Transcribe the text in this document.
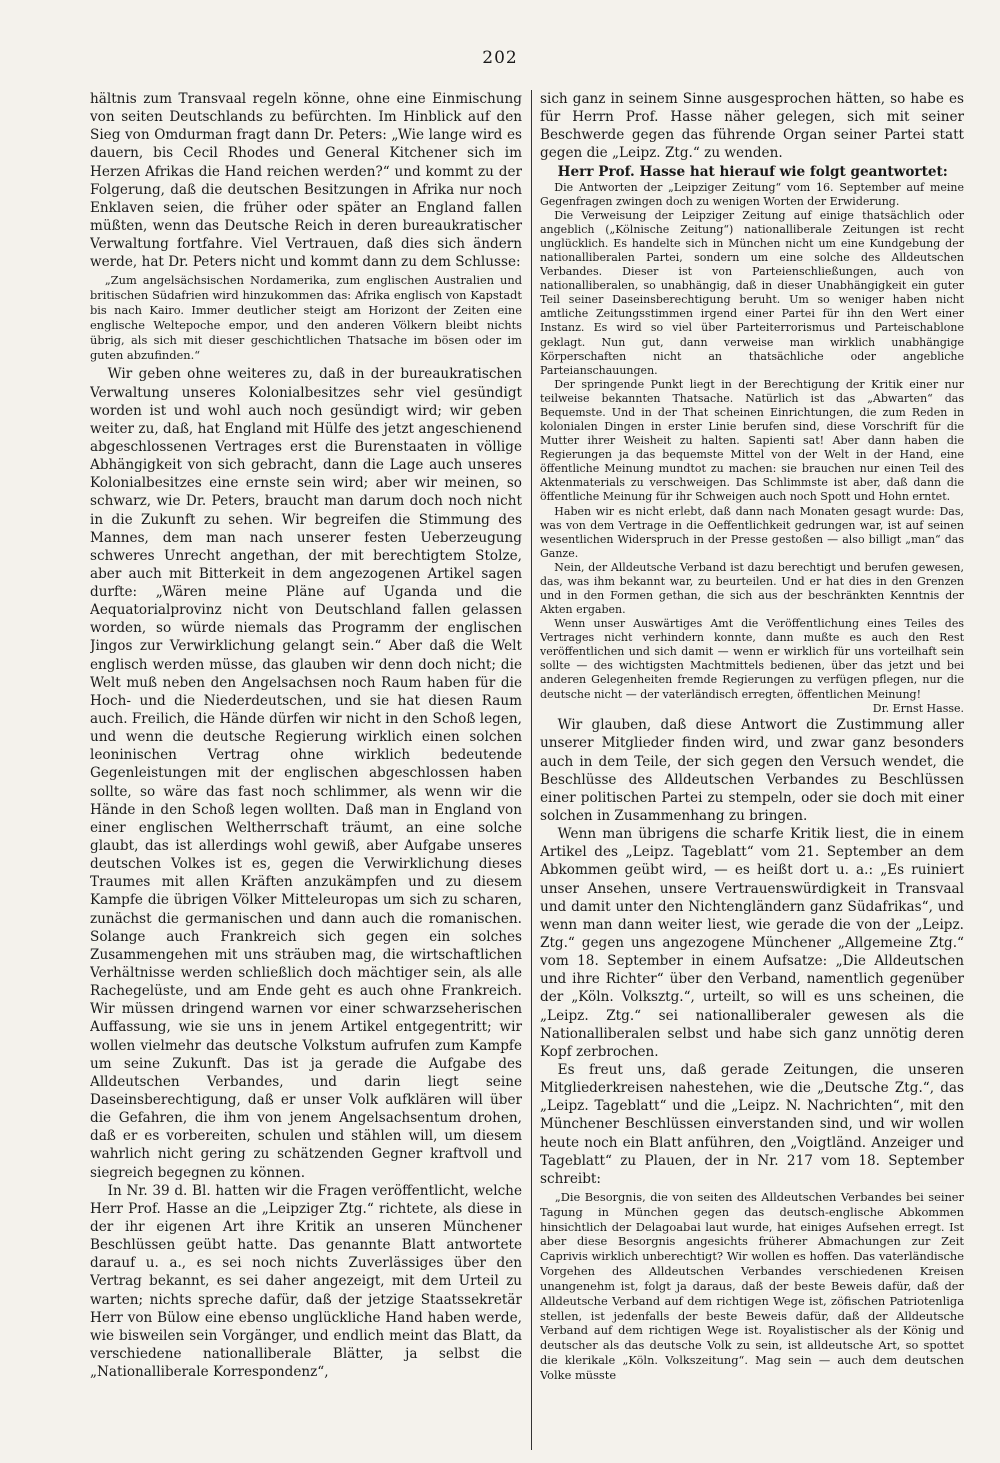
202

hältnis zum Transvaal regeln könne, ohne eine Einmischung von seiten Deutschlands zu befürchten. Im Hinblick auf den Sieg von Omdurman fragt dann Dr. Peters: „Wie lange wird es dauern, bis Cecil Rhodes und General Kitchener sich im Herzen Afrikas die Hand reichen werden?“ und kommt zu der Folgerung, daß die deutschen Besitzungen in Afrika nur noch Enklaven seien, die früher oder später an England fallen müßten, wenn das Deutsche Reich in deren bureaukratischer Verwaltung fortfahre. Viel Vertrauen, daß dies sich ändern werde, hat Dr. Peters nicht und kommt dann zu dem Schlusse:

„Zum angelsächsischen Nordamerika, zum englischen Australien und britischen Südafrien wird hinzukommen das: Afrika englisch von Kapstadt bis nach Kairo. Immer deutlicher steigt am Horizont der Zeiten eine englische Weltepoche empor, und den anderen Völkern bleibt nichts übrig, als sich mit dieser geschichtlichen Thatsache im bösen oder im guten abzufinden.“

Wir geben ohne weiteres zu, daß in der bureaukratischen Verwaltung unseres Kolonialbesitzes sehr viel gesündigt worden ist und wohl auch noch gesündigt wird; wir geben weiter zu, daß, hat England mit Hülfe des jetzt angeschienend abgeschlossenen Vertrages erst die Burenstaaten in völlige Abhängigkeit von sich gebracht, dann die Lage auch unseres Kolonialbesitzes eine ernste sein wird; aber wir meinen, so schwarz, wie Dr. Peters, braucht man darum doch noch nicht in die Zukunft zu sehen. Wir begreifen die Stimmung des Mannes, dem man nach unserer festen Ueberzeugung schweres Unrecht angethan, der mit berechtigtem Stolze, aber auch mit Bitterkeit in dem angezogenen Artikel sagen durfte: „Wären meine Pläne auf Uganda und die Aequatorialprovinz nicht von Deutschland fallen gelassen worden, so würde niemals das Programm der englischen Jingos zur Verwirklichung gelangt sein.“ Aber daß die Welt englisch werden müsse, das glauben wir denn doch nicht; die Welt muß neben den Angelsachsen noch Raum haben für die Hoch- und die Niederdeutschen, und sie hat diesen Raum auch. Freilich, die Hände dürfen wir nicht in den Schoß legen, und wenn die deutsche Regierung wirklich einen solchen leoninischen Vertrag ohne wirklich bedeutende Gegenleistungen mit der englischen abgeschlossen haben sollte, so wäre das fast noch schlimmer, als wenn wir die Hände in den Schoß legen wollten. Daß man in England von einer englischen Weltherrschaft träumt, an eine solche glaubt, das ist allerdings wohl gewiß, aber Aufgabe unseres deutschen Volkes ist es, gegen die Verwirklichung dieses Traumes mit allen Kräften anzukämpfen und zu diesem Kampfe die übrigen Völker Mitteleuropas um sich zu scharen, zunächst die germanischen und dann auch die romanischen. Solange auch Frankreich sich gegen ein solches Zusammengehen mit uns sträuben mag, die wirtschaftlichen Verhältnisse werden schließlich doch mächtiger sein, als alle Rachegelüste, und am Ende geht es auch ohne Frankreich. Wir müssen dringend warnen vor einer schwarzseherischen Auffassung, wie sie uns in jenem Artikel entgegentritt; wir wollen vielmehr das deutsche Volkstum aufrufen zum Kampfe um seine Zukunft. Das ist ja gerade die Aufgabe des Alldeutschen Verbandes, und darin liegt seine Daseinsberechtigung, daß er unser Volk aufklären will über die Gefahren, die ihm von jenem Angelsachsentum drohen, daß er es vorbereiten, schulen und stählen will, um diesem wahrlich nicht gering zu schätzenden Gegner kraftvoll und siegreich begegnen zu können.

In Nr. 39 d. Bl. hatten wir die Fragen veröffentlicht, welche Herr Prof. Hasse an die „Leipziger Ztg.“ richtete, als diese in der ihr eigenen Art ihre Kritik an unseren Münchener Beschlüssen geübt hatte. Das genannte Blatt antwortete darauf u. a., es sei noch nichts Zuverlässiges über den Vertrag bekannt, es sei daher angezeigt, mit dem Urteil zu warten; nichts spreche dafür, daß der jetzige Staatssekretär Herr von Bülow eine ebenso unglückliche Hand haben werde, wie bisweilen sein Vorgänger, und endlich meint das Blatt, da verschiedene nationalliberale Blätter, ja selbst die „Nationalliberale Korrespondenz“,

sich ganz in seinem Sinne ausgesprochen hätten, so habe es für Herrn Prof. Hasse näher gelegen, sich mit seiner Beschwerde gegen das führende Organ seiner Partei statt gegen die „Leipz. Ztg.“ zu wenden.

Herr Prof. Hasse hat hierauf wie folgt geantwortet:

Die Antworten der „Leipziger Zeitung“ vom 16. September auf meine Gegenfragen zwingen doch zu wenigen Worten der Erwiderung.

Die Verweisung der Leipziger Zeitung auf einige thatsächlich oder angeblich („Kölnische Zeitung“) nationalliberale Zeitungen ist recht unglücklich. Es handelte sich in München nicht um eine Kundgebung der nationalliberalen Partei, sondern um eine solche des Alldeutschen Verbandes. Dieser ist von Parteienschließungen, auch von nationalliberalen, so unabhängig, daß in dieser Unabhängigkeit ein guter Teil seiner Daseinsberechtigung beruht. Um so weniger haben nicht amtliche Zeitungsstimmen irgend einer Partei für ihn den Wert einer Instanz. Es wird so viel über Parteiterrorismus und Parteischablone geklagt. Nun gut, dann verweise man wirklich unabhängige Körperschaften nicht an thatsächliche oder angebliche Parteianschauungen.

Der springende Punkt liegt in der Berechtigung der Kritik einer nur teilweise bekannten Thatsache. Natürlich ist das „Abwarten“ das Bequemste. Und in der That scheinen Einrichtungen, die zum Reden in kolonialen Dingen in erster Linie berufen sind, diese Vorschrift für die Mutter ihrer Weisheit zu halten. Sapienti sat! Aber dann haben die Regierungen ja das bequemste Mittel von der Welt in der Hand, eine öffentliche Meinung mundtot zu machen: sie brauchen nur einen Teil des Aktenmaterials zu verschweigen. Das Schlimmste ist aber, daß dann die öffentliche Meinung für ihr Schweigen auch noch Spott und Hohn erntet.

Haben wir es nicht erlebt, daß dann nach Monaten gesagt wurde: Das, was von dem Vertrage in die Oeffentlichkeit gedrungen war, ist auf seinen wesentlichen Widerspruch in der Presse gestoßen — also billigt „man“ das Ganze.

Nein, der Alldeutsche Verband ist dazu berechtigt und berufen gewesen, das, was ihm bekannt war, zu beurteilen. Und er hat dies in den Grenzen und in den Formen gethan, die sich aus der beschränkten Kenntnis der Akten ergaben.

Wenn unser Auswärtiges Amt die Veröffentlichung eines Teiles des Vertrages nicht verhindern konnte, dann mußte es auch den Rest veröffentlichen und sich damit — wenn er wirklich für uns vorteilhaft sein sollte — des wichtigsten Machtmittels bedienen, über das jetzt und bei anderen Gelegenheiten fremde Regierungen zu verfügen pflegen, nur die deutsche nicht — der vaterländisch erregten, öffentlichen Meinung!

Dr. Ernst Hasse.

Wir glauben, daß diese Antwort die Zustimmung aller unserer Mitglieder finden wird, und zwar ganz besonders auch in dem Teile, der sich gegen den Versuch wendet, die Beschlüsse des Alldeutschen Verbandes zu Beschlüssen einer politischen Partei zu stempeln, oder sie doch mit einer solchen in Zusammenhang zu bringen.

Wenn man übrigens die scharfe Kritik liest, die in einem Artikel des „Leipz. Tageblatt“ vom 21. September an dem Abkommen geübt wird, — es heißt dort u. a.: „Es ruiniert unser Ansehen, unsere Vertrauenswürdigkeit in Transvaal und damit unter den Nichtengländern ganz Südafrikas“, und wenn man dann weiter liest, wie gerade die von der „Leipz. Ztg.“ gegen uns angezogene Münchener „Allgemeine Ztg.“ vom 18. September in einem Aufsatze: „Die Alldeutschen und ihre Richter“ über den Verband, namentlich gegenüber der „Köln. Volksztg.“, urteilt, so will es uns scheinen, die „Leipz. Ztg.“ sei nationalliberaler gewesen als die Nationalliberalen selbst und habe sich ganz unnötig deren Kopf zerbrochen.

Es freut uns, daß gerade Zeitungen, die unseren Mitgliederkreisen nahestehen, wie die „Deutsche Ztg.“, das „Leipz. Tageblatt“ und die „Leipz. N. Nachrichten“, mit den Münchener Beschlüssen einverstanden sind, und wir wollen heute noch ein Blatt anführen, den „Voigtländ. Anzeiger und Tageblatt“ zu Plauen, der in Nr. 217 vom 18. September schreibt:

„Die Besorgnis, die von seiten des Alldeutschen Verbandes bei seiner Tagung in München gegen das deutsch-englische Abkommen hinsichtlich der Delagoabai laut wurde, hat einiges Aufsehen erregt. Ist aber diese Besorgnis angesichts früherer Abmachungen zur Zeit Caprivis wirklich unberechtigt? Wir wollen es hoffen. Das vaterländische Vorgehen des Alldeutschen Verbandes verschiedenen Kreisen unangenehm ist, folgt ja daraus, daß der beste Beweis dafür, daß der Alldeutsche Verband auf dem richtigen Wege ist, zöfischen Patriotenliga stellen, ist jedenfalls der beste Beweis dafür, daß der Alldeutsche Verband auf dem richtigen Wege ist. Royalistischer als der König und deutscher als das deutsche Volk zu sein, ist alldeutsche Art, so spottet die klerikale „Köln. Volkszeitung“. Mag sein — auch dem deutschen Volke müsste
